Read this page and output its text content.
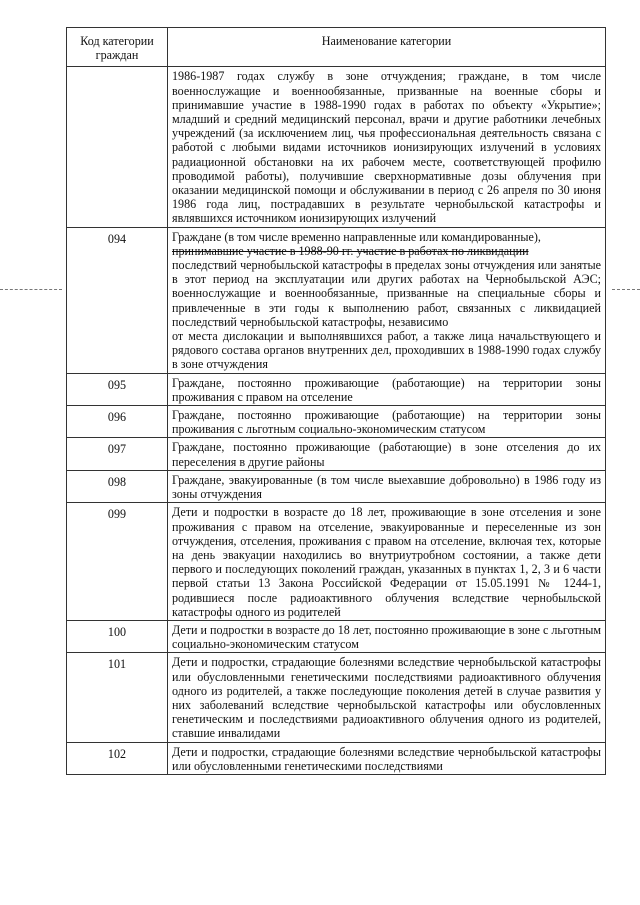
Код категории граждан	Наименование категории
	1986-1987 годах службу в зоне отчуждения; граждане, в том числе военнослужащие и военнообязанные, призванные на военные сборы и принимавшие участие в 1988-1990 годах в работах по объекту «Укрытие»; младший и средний медицинский персонал, врачи и другие работники лечебных учреждений (за исключением лиц, чья профессиональная деятельность связана с работой с любыми видами источников ионизирующих излучений в условиях радиационной обстановки на их рабочем месте, соответствующей профилю проводимой работы), получившие сверхнормативные дозы облучения при оказании медицинской помощи и обслуживании в период с 26 апреля по 30 июня 1986 года лиц, пострадавших в результате чернобыльской катастрофы и являвшихся источником ионизирующих излучений
094	Граждане (в том числе временно направленные или командированные),
принимавшие участие в 1988-90 гг. участие в работах по ликвидации
последствий чернобыльской катастрофы в пределах зоны отчуждения или занятые в этот период на эксплуатации или других работах на Чернобыльской АЭС; военнослужащие и военнообязанные, призванные на специальные сборы и привлеченные в эти годы к выполнению работ, связанных с ликвидацией последствий чернобыльской катастрофы, независимо
от места дислокации и выполнявшихся работ, а также лица начальствующего и рядового состава органов внутренних дел, проходивших в 1988-1990 годах службу в зоне отчуждения

095	Граждане, постоянно проживающие (работающие) на территории зоны проживания с правом на отселение
096	Граждане, постоянно проживающие (работающие) на территории зоны проживания с льготным социально-экономическим статусом
097	Граждане, постоянно проживающие (работающие) в зоне отселения до их переселения в другие районы
098	Граждане, эвакуированные (в том числе выехавшие добровольно) в 1986 году из зоны отчуждения
099	Дети и подростки в возрасте до 18 лет, проживающие в зоне отселения и зоне проживания с правом на отселение, эвакуированные и переселенные из зон отчуждения, отселения, проживания с правом на отселение, включая тех, которые на день эвакуации находились во внутриутробном состоянии, а также дети первого и последующих поколений граждан, указанных в пунктах 1, 2, 3 и 6 части первой статьи 13 Закона Российской Федерации от 15.05.1991 № 1244-1, родившиеся после радиоактивного облучения вследствие чернобыльской катастрофы одного из родителей
100	Дети и подростки в возрасте до 18 лет, постоянно проживающие в зоне с льготным социально-экономическим статусом
101	Дети и подростки, страдающие болезнями вследствие чернобыльской катастрофы или обусловленными генетическими последствиями радиоактивного облучения одного из родителей, а также последующие поколения детей в случае развития у них заболеваний вследствие чернобыльской катастрофы или обусловленных генетическим и последствиями радиоактивного облучения одного из родителей, ставшие инвалидами
102	Дети и подростки, страдающие болезнями вследствие чернобыльской катастрофы или обусловленными генетическими последствиями
